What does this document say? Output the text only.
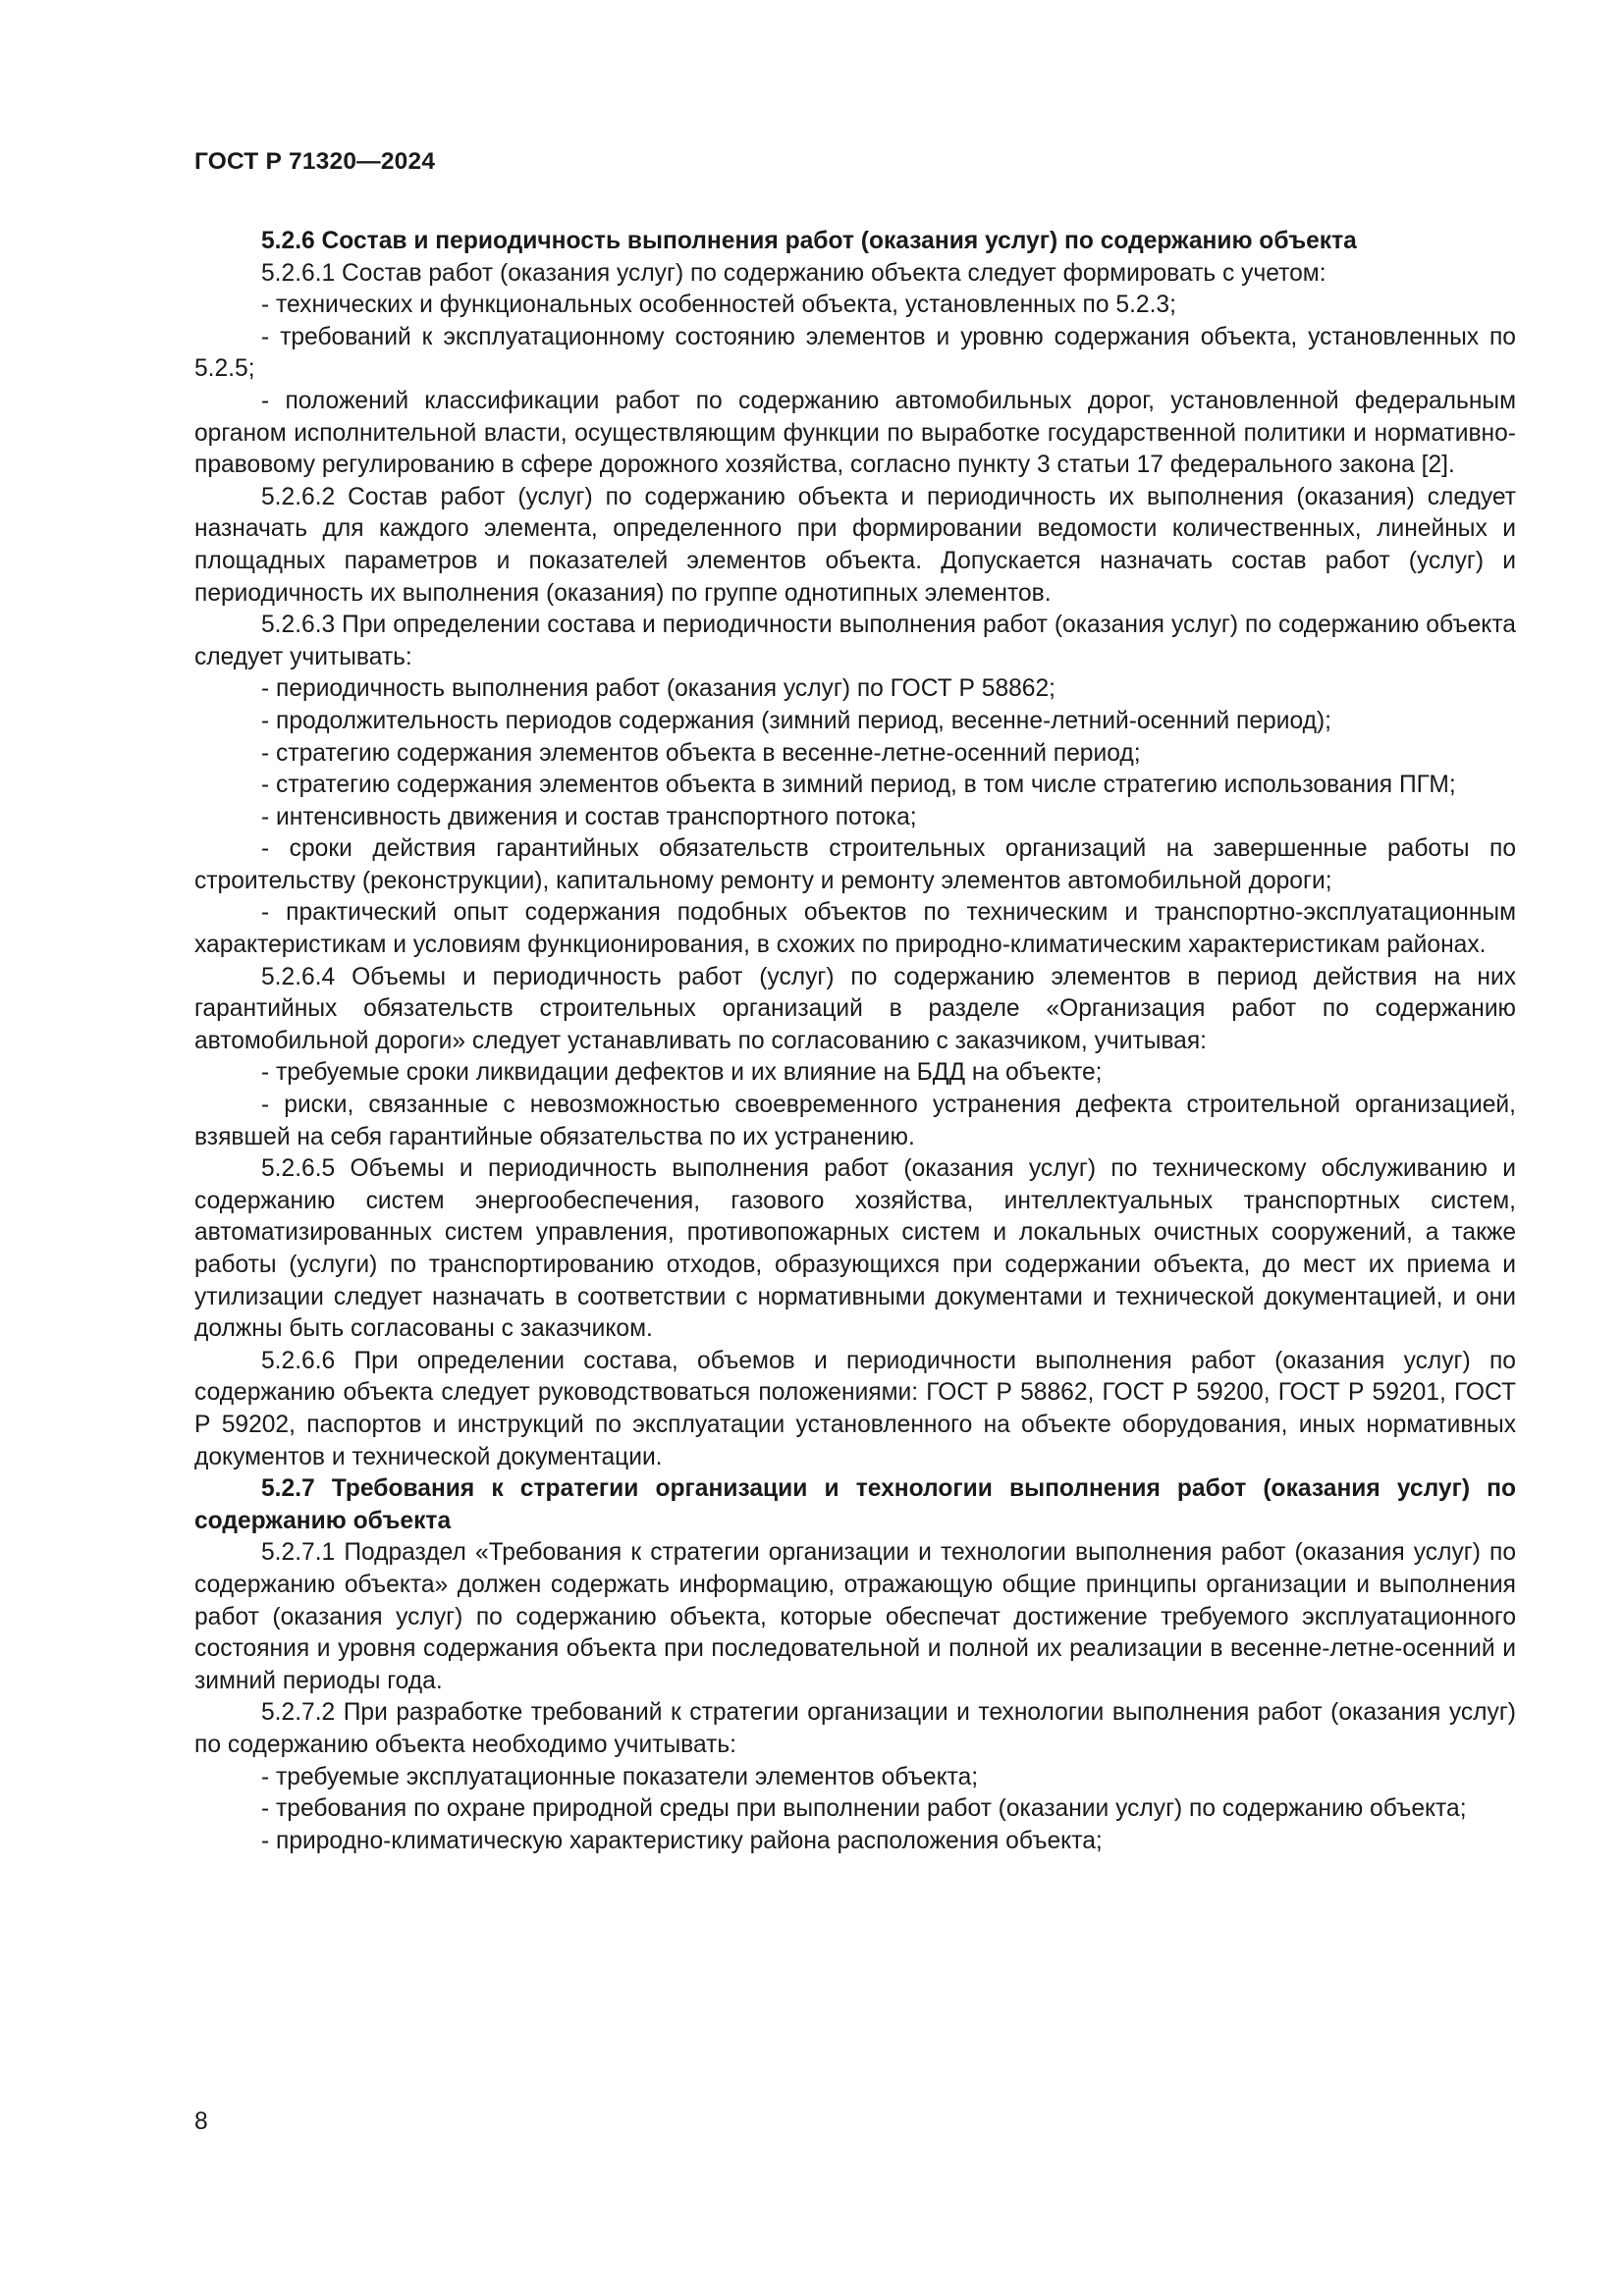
ГОСТ Р 71320—2024

5.2.6 Состав и периодичность выполнения работ (оказания услуг) по содержанию объекта

5.2.6.1 Состав работ (оказания услуг) по содержанию объекта следует формировать с учетом:

- технических и функциональных особенностей объекта, установленных по 5.2.3;

- требований к эксплуатационному состоянию элементов и уровню содержания объекта, установленных по 5.2.5;

- положений классификации работ по содержанию автомобильных дорог, установленной федеральным органом исполнительной власти, осуществляющим функции по выработке государственной политики и нормативно-правовому регулированию в сфере дорожного хозяйства, согласно пункту 3 статьи 17 федерального закона [2].

5.2.6.2 Состав работ (услуг) по содержанию объекта и периодичность их выполнения (оказания) следует назначать для каждого элемента, определенного при формировании ведомости количественных, линейных и площадных параметров и показателей элементов объекта. Допускается назначать состав работ (услуг) и периодичность их выполнения (оказания) по группе однотипных элементов.

5.2.6.3 При определении состава и периодичности выполнения работ (оказания услуг) по содержанию объекта следует учитывать:

- периодичность выполнения работ (оказания услуг) по ГОСТ Р 58862;

- продолжительность периодов содержания (зимний период, весенне-летний-осенний период);

- стратегию содержания элементов объекта в весенне-летне-осенний период;

- стратегию содержания элементов объекта в зимний период, в том числе стратегию использования ПГМ;

- интенсивность движения и состав транспортного потока;

- сроки действия гарантийных обязательств строительных организаций на завершенные работы по строительству (реконструкции), капитальному ремонту и ремонту элементов автомобильной дороги;

- практический опыт содержания подобных объектов по техническим и транспортно-эксплуатационным характеристикам и условиям функционирования, в схожих по природно-климатическим характеристикам районах.

5.2.6.4 Объемы и периодичность работ (услуг) по содержанию элементов в период действия на них гарантийных обязательств строительных организаций в разделе «Организация работ по содержанию автомобильной дороги» следует устанавливать по согласованию с заказчиком, учитывая:

- требуемые сроки ликвидации дефектов и их влияние на БДД на объекте;

- риски, связанные с невозможностью своевременного устранения дефекта строительной организацией, взявшей на себя гарантийные обязательства по их устранению.

5.2.6.5 Объемы и периодичность выполнения работ (оказания услуг) по техническому обслуживанию и содержанию систем энергообеспечения, газового хозяйства, интеллектуальных транспортных систем, автоматизированных систем управления, противопожарных систем и локальных очистных сооружений, а также работы (услуги) по транспортированию отходов, образующихся при содержании объекта, до мест их приема и утилизации следует назначать в соответствии с нормативными документами и технической документацией, и они должны быть согласованы с заказчиком.

5.2.6.6 При определении состава, объемов и периодичности выполнения работ (оказания услуг) по содержанию объекта следует руководствоваться положениями: ГОСТ Р 58862, ГОСТ Р 59200, ГОСТ Р 59201, ГОСТ Р 59202, паспортов и инструкций по эксплуатации установленного на объекте оборудования, иных нормативных документов и технической документации.

5.2.7 Требования к стратегии организации и технологии выполнения работ (оказания услуг) по содержанию объекта

5.2.7.1 Подраздел «Требования к стратегии организации и технологии выполнения работ (оказания услуг) по содержанию объекта» должен содержать информацию, отражающую общие принципы организации и выполнения работ (оказания услуг) по содержанию объекта, которые обеспечат достижение требуемого эксплуатационного состояния и уровня содержания объекта при последовательной и полной их реализации в весенне-летне-осенний и зимний периоды года.

5.2.7.2 При разработке требований к стратегии организации и технологии выполнения работ (оказания услуг) по содержанию объекта необходимо учитывать:

- требуемые эксплуатационные показатели элементов объекта;

- требования по охране природной среды при выполнении работ (оказании услуг) по содержанию объекта;

- природно-климатическую характеристику района расположения объекта;

8
